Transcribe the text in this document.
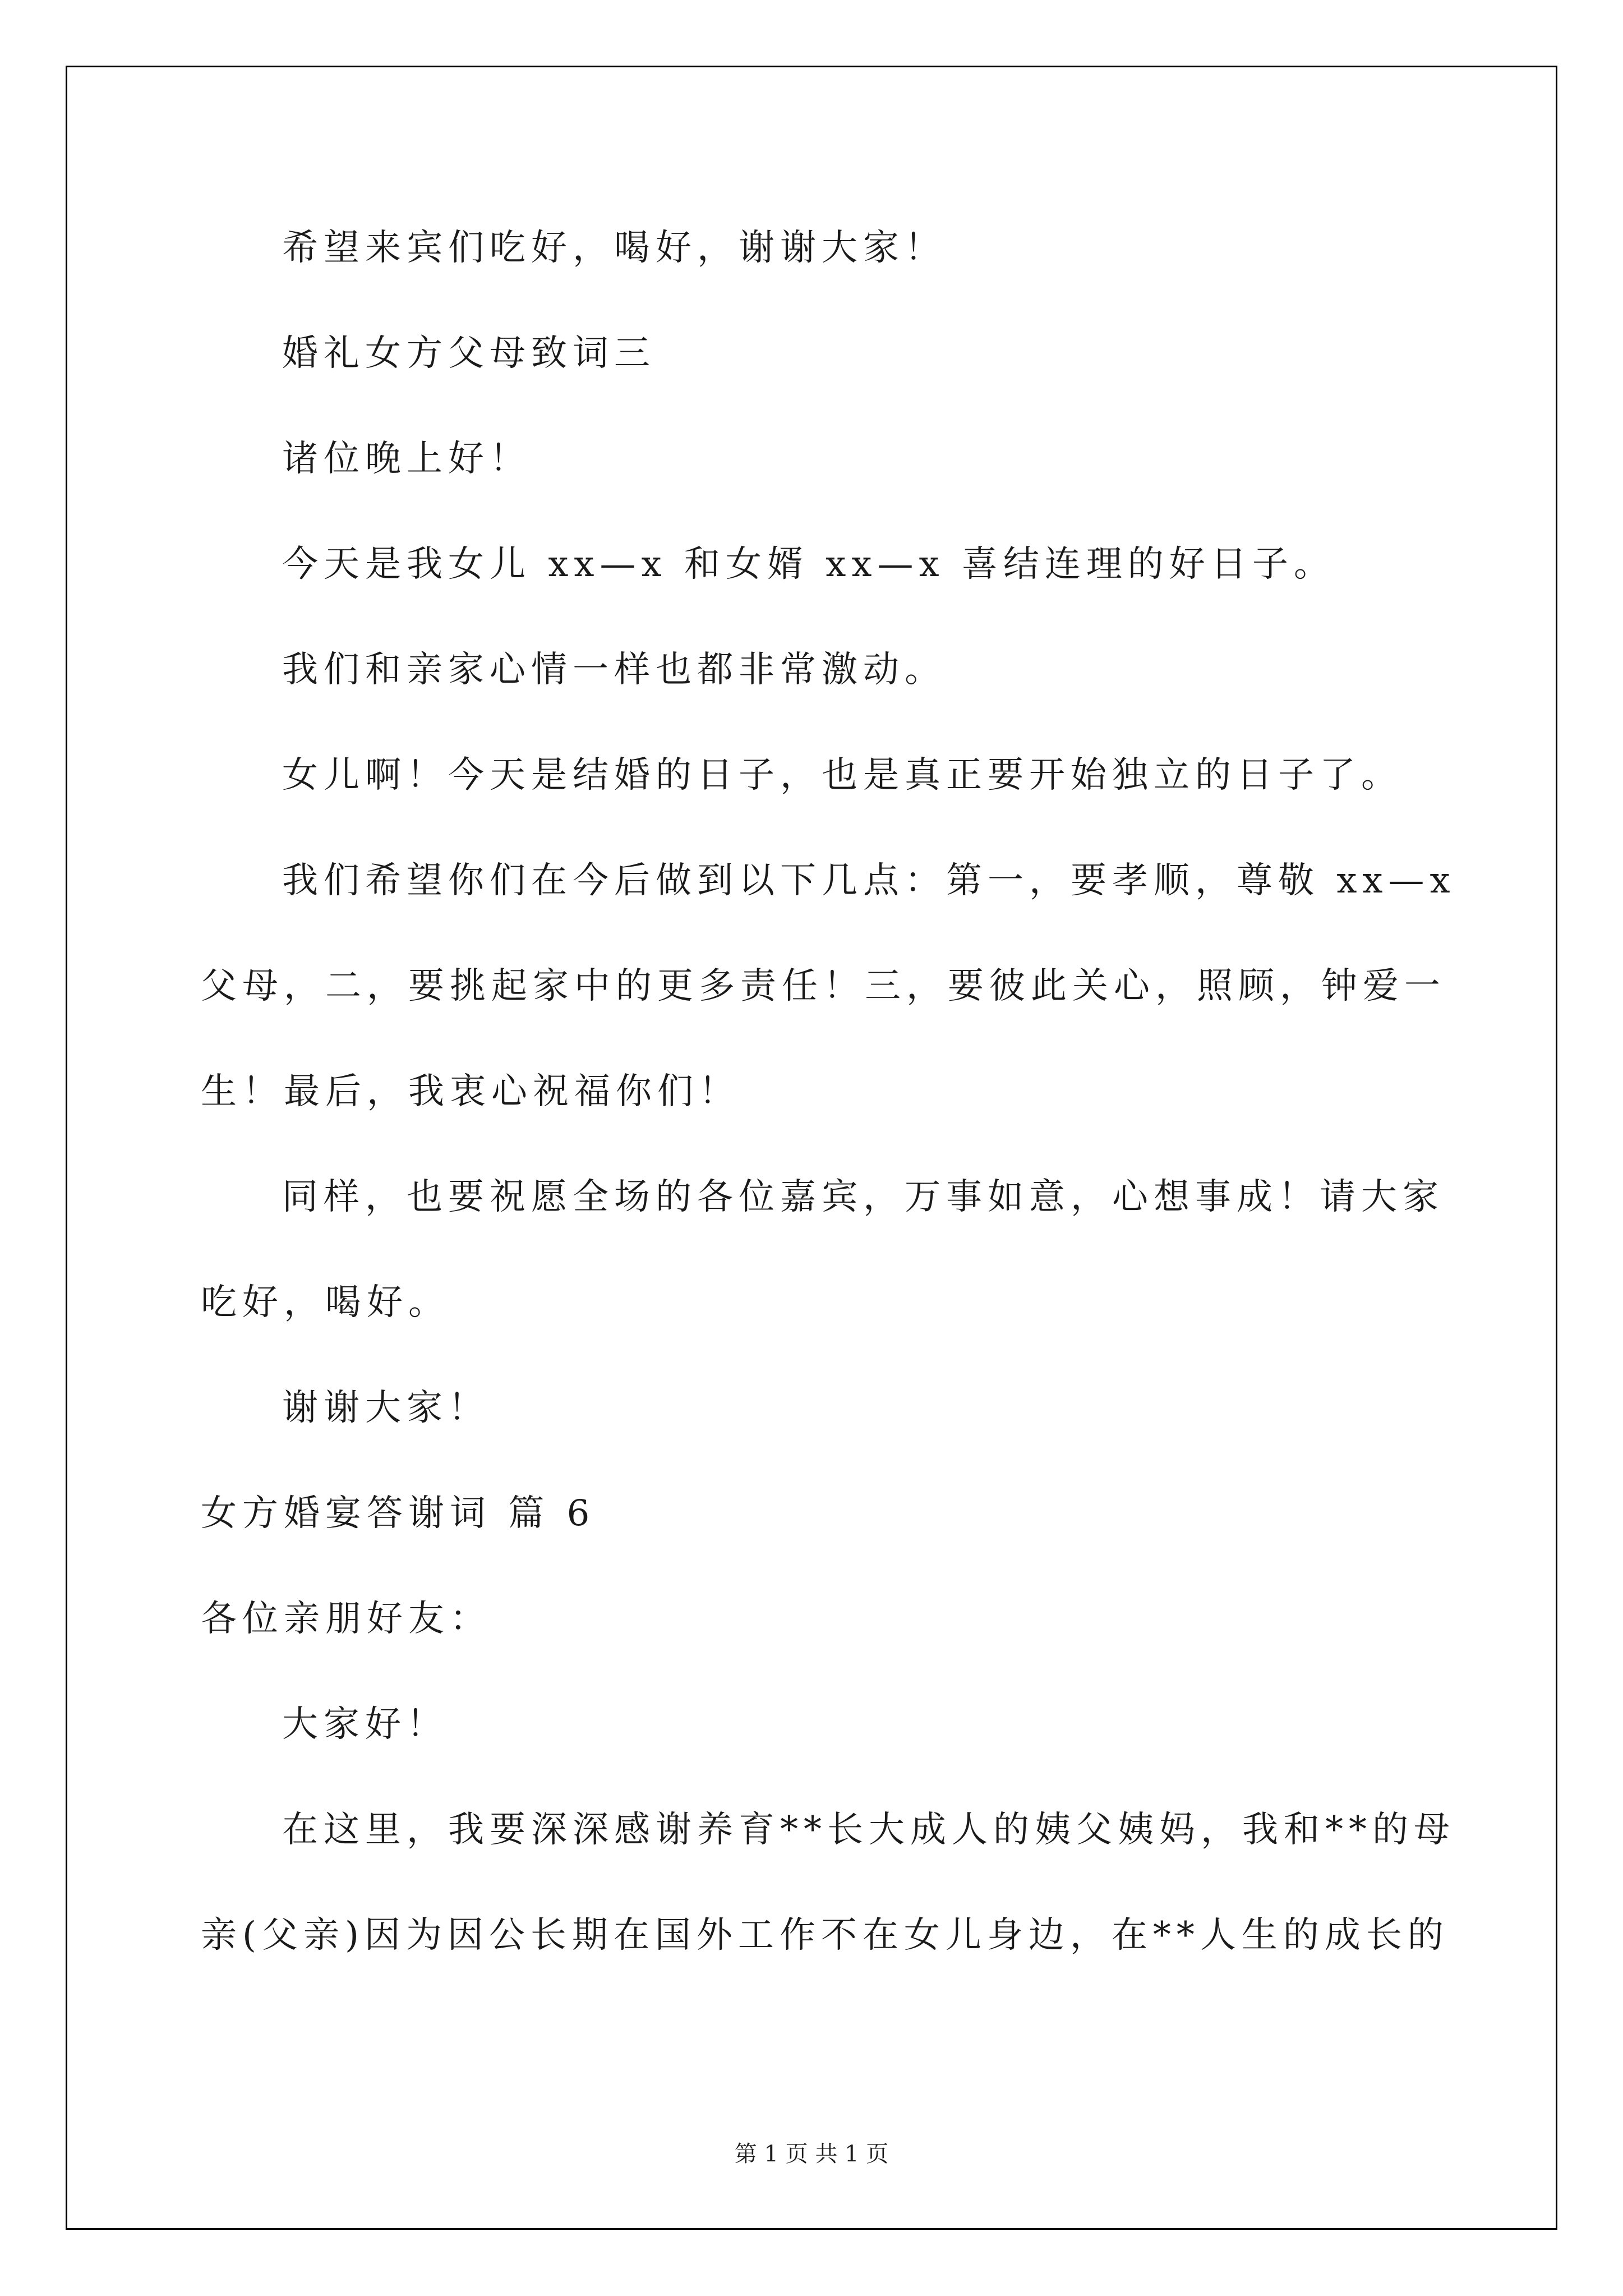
希望来宾们吃好，喝好，谢谢大家！
婚礼女方父母致词三
诸位晚上好！
今天是我女儿 xx—x 和女婿 xx—x 喜结连理的好日子。
我们和亲家心情一样也都非常激动。
女儿啊！今天是结婚的日子，也是真正要开始独立的日子了。
我们希望你们在今后做到以下几点：第一，要孝顺，尊敬 xx—x
父母，二，要挑起家中的更多责任！三，要彼此关心，照顾，钟爱一
生！最后，我衷心祝福你们！
同样，也要祝愿全场的各位嘉宾，万事如意，心想事成！请大家
吃好，喝好。
谢谢大家！
女方婚宴答谢词 篇 6
各位亲朋好友：
大家好！
在这里，我要深深感谢养育**长大成人的姨父姨妈，我和**的母
亲(父亲)因为因公长期在国外工作不在女儿身边，在**人生的成长的
第 1 页 共 1 页
